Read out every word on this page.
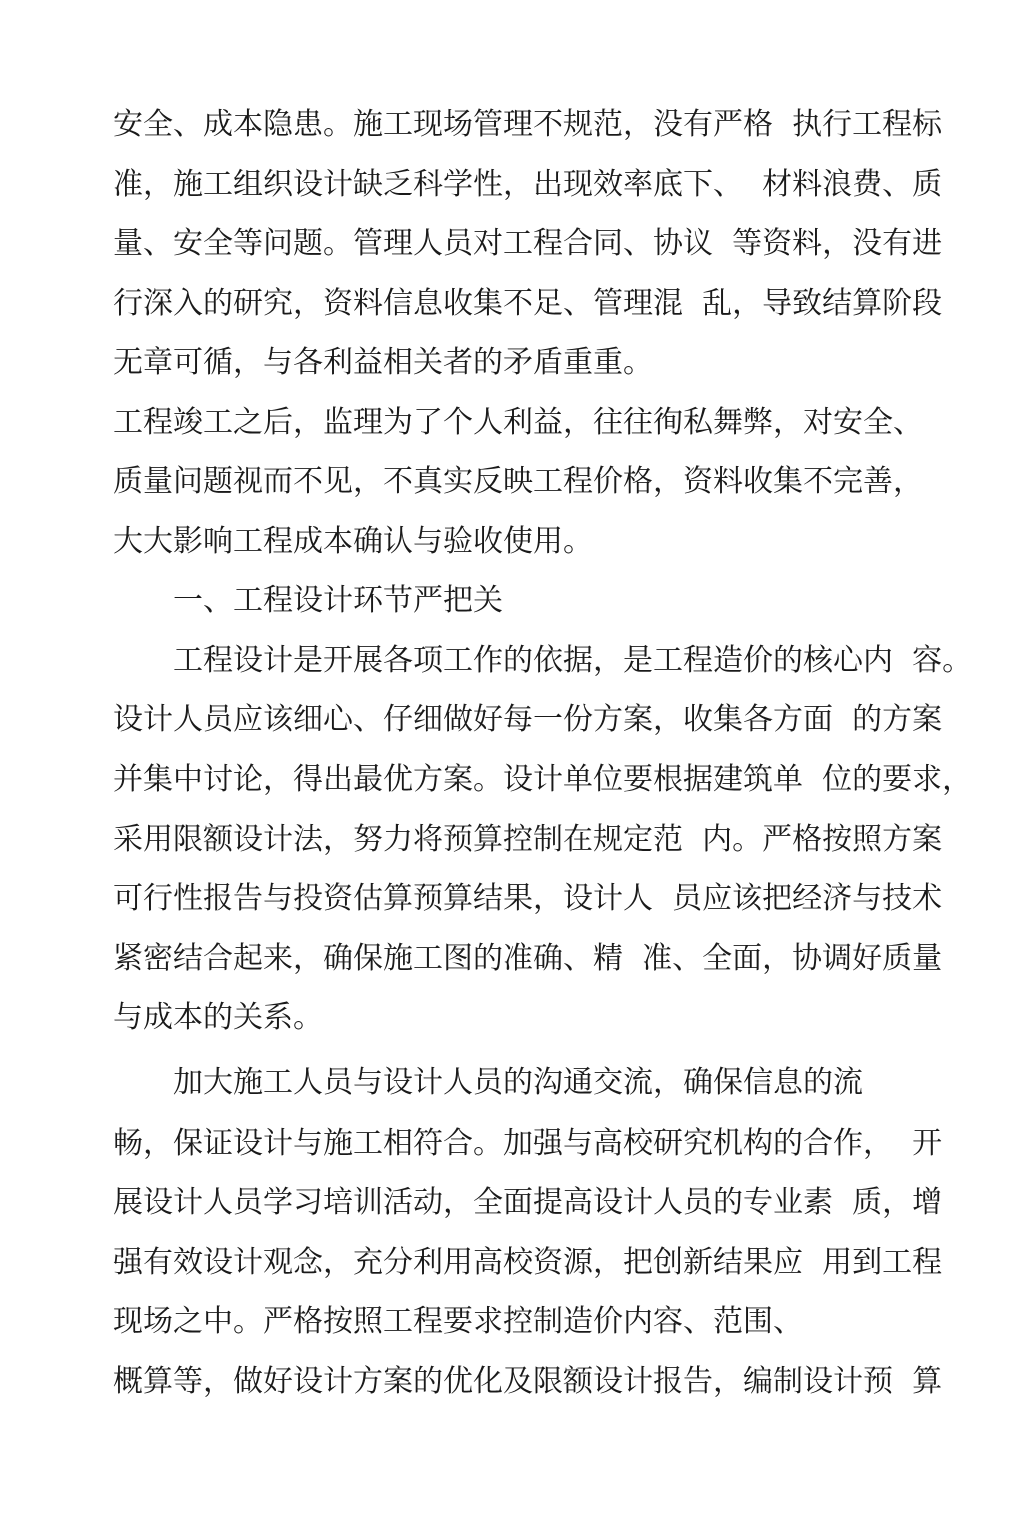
安全、成本隐患。施工现场管理不规范，没有严格  执行工程标
准，施工组织设计缺乏科学性，出现效率底下、  材料浪费、质
量、安全等问题。管理人员对工程合同、协议  等资料，没有进
行深入的研究，资料信息收集不足、管理混  乱，导致结算阶段
无章可循，与各利益相关者的矛盾重重。
工程竣工之后，监理为了个人利益，往往徇私舞弊，对安全、
质量问题视而不见，不真实反映工程价格，资料收集不完善，
大大影响工程成本确认与验收使用。
一、工程设计环节严把关
工程设计是开展各项工作的依据，是工程造价的核心内  容。
设计人员应该细心、仔细做好每一份方案，收集各方面  的方案
并集中讨论，得出最优方案。设计单位要根据建筑单  位的要求，
采用限额设计法，努力将预算控制在规定范  内。严格按照方案
可行性报告与投资估算预算结果，设计人  员应该把经济与技术
紧密结合起来，确保施工图的准确、精  准、全面，协调好质量
与成本的关系。
加大施工人员与设计人员的沟通交流，确保信息的流
畅，保证设计与施工相符合。加强与高校研究机构的合作，  开
展设计人员学习培训活动，全面提高设计人员的专业素  质，增
强有效设计观念，充分利用高校资源，把创新结果应  用到工程
现场之中。严格按照工程要求控制造价内容、范围、
概算等，做好设计方案的优化及限额设计报告，编制设计预  算
